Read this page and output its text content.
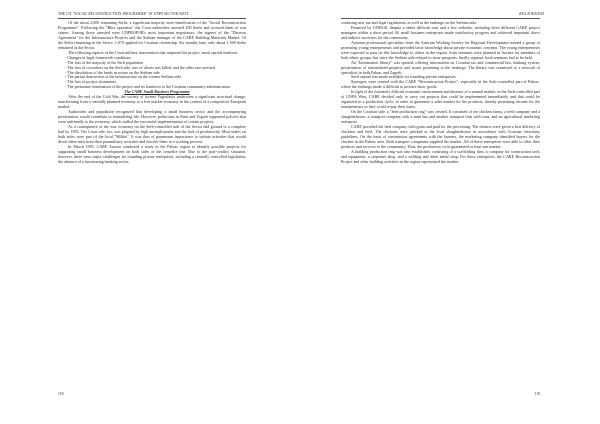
THE UN "SOCIAL RECONSTRUCTION PROGRAMME" IN UNPA SECTOR WEST …

Of the about 2,000 remaining Serbs, a significant majority were beneficiaries of the "Social Reconstruction Programme". Following the "Blitz operation" the Croat authorities arrested 300 Serbs and accused them of war crimes. Among those arrested were UNPROFOR's most important negotiators, the signers of the "Daruvar Agreement" for the Infrastructure Projects and the Serbian manager of the CARE Building Materials Market. Of the Serbs remaining in the Sector, 1,070 applied for Croatian citizenship. Six months later, only about 1,500 Serbs remained in the Sector.

The following aspects of the Croat military intervention that impacted the project, merit special mention:

- Changes in legal framework conditions
- The loss of the majority of the Serb population
- The loss of coworkers on the Serb side, one of whom was killed, and the other one arrested
- The dissolution of the funds structure on the Serbian side
- The partial destruction of the infrastructure on the former Serbian side
- The loss of project documents
- The premature termination of the project and its handover to the Croatian community administration

The CARE Small Business Programme

After the end of the Cold War, the society of former Yugoslavia underwent a significant structural change, transforming from a centrally planned economy to a free market economy in the context of a competitive European market.

Authorities and population recognized that developing a small business sector and the accompanying privatization would contribute to normalizing life. However, politicians in Knin and Zagreb supported policies that were unfriendly to the economy, which stalled the successful implementation of certain projects.

As a consequence of the war, economy on the Serb-controlled side of the Sector had ground to a complete halt by 1992. The Croat side, too, was plagued by high unemployment and the lack of productivity. Most males on both sides were part of the local "Militia". It was thus of paramount importance to initiate activities that would divert these men from their paramilitary activities and involve them in a working process.

In March 1995, CARE Austria conducted a study in the Pakrac region to identify possible projects for supporting small business development on both sides of the ceasefire line. Due to the post-conflict situation, however, there were major challenges for founding private enterprises, including a centrally controlled legislation, the absence of a functioning banking sector,

118
REA.H BOIEIH

confusing new tax and legal regulations, as well as the embargo on the Serbian side.

Financed by UNHCR, despite a rather difficult start and a few setbacks, including three different CARE project managers within a short period, 60 small business enterprises made satisfactory progress and achieved important direct and indirect successes for the community.

Austrian professional specialists from the Austrian Working Society for Regional Development trained a group of promising young entrepreneurs and provided basic knowledge about private economic concepts. The young entrepreneurs were expected to pass on this knowledge to others in the region. Joint seminars were planned in Austria for members of both ethnic groups, but since the Serbian side refused to issue passports, finally separate local seminars had to be held.

An "Information library" was opened, offering information on Croatian tax and commercial law, banking system, privatization of nationalized property and issues pertaining to the embargo. The library was connected to a network of specialists in both Pakrac and Zagreb.

Seed capital was made available for founding private enterprises.

Synergies were created with the CARE "Reconstruction Project", especially in the Serb-controlled part of Pakrac, where the embargo made it difficult to procure basic goods.

In light of the extremely difficult economic environment and absence of a normal market, in the Serb-controlled part of UNPA West, CARE decided only to carry out projects that could be implemented immediately and that could be organized in a production cycle, in order to guarantee a sales market for the products, thereby promising income for the entrepreneurs so they could re-pay their loans.

On the Croatian side, a "feed production ring" was created. It consisted of ten chicken farms, a feed company and a slaughterhouse, a transport company with a mini bus and another transport firm with vans, and an agricultural marketing enterprise.

CARE provided the feed company with grain and paid for the processing. The farmers were given a first delivery of chickens and feed. The chickens were plucked at the local slaughterhouse in accordance with Croatian veterinary guidelines. On the basis of commission agreements with the farmers, the marketing company identified buyers for the chicken in the Pakrac area. Both transport companies supplied the market. All of these enterprises were able to offer their products and services to the community. Thus, the production cycle guaranteed at least one market.

A building production ring was also established, consisting of a scaffolding firm, a company for construction tools and equipment, a carpentry shop, and a welding and sheet metal shop. For these enterprises, the CARE Reconstruction Project and other building activities in the region represented the market.

119
